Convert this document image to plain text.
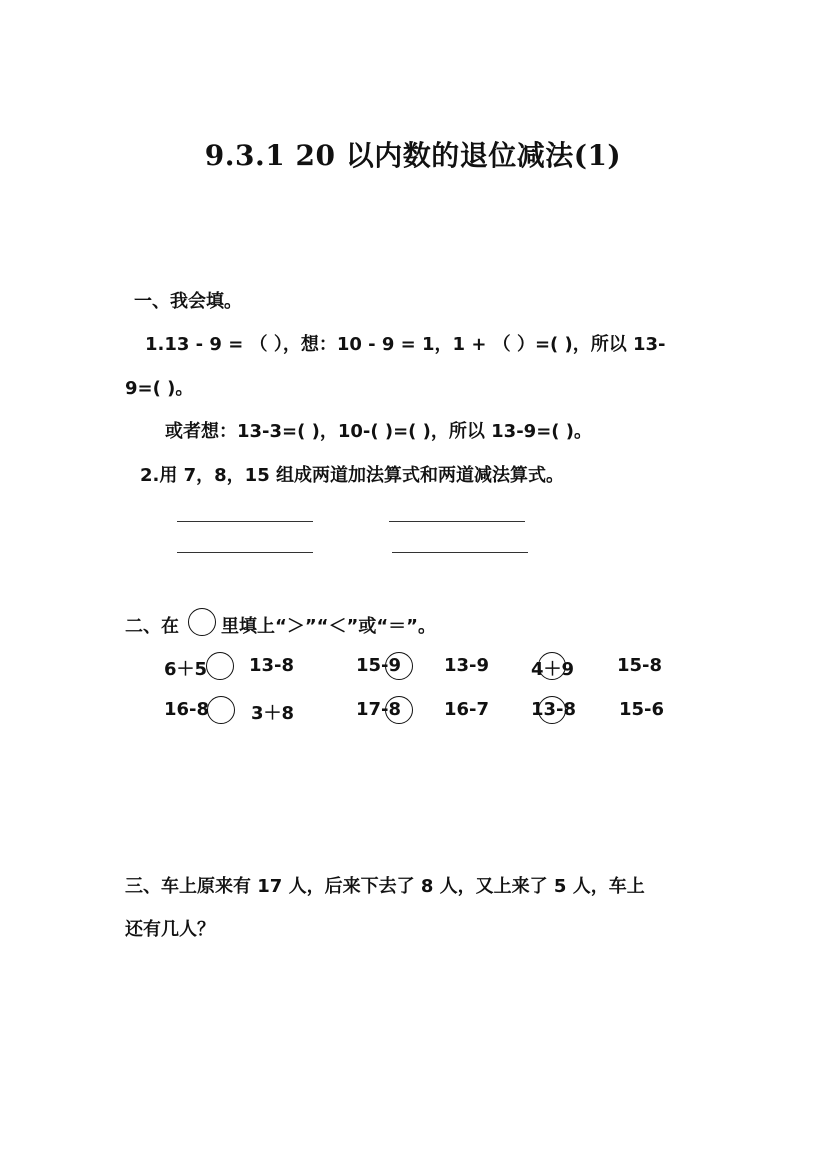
9.3.1 20 以内数的退位减法(1)
一、我会填。
1.13 - 9 = （ ），想：10 - 9 = 1，1 + （ ）=( )，所以 13-
9=( )。
或者想：13-3=( )，10-( )=( )，所以 13-9=( )。
2.用 7，8，15 组成两道加法算式和两道减法算式。
二、在 里填上“＞”“＜”或“＝”。
6＋5 13-8	15-9 13-9 4＋9 15-8
16-8 3＋8	17-8 16-7 13-8 15-6
三、车上原来有 17 人，后来下去了 8 人，又上来了 5 人，车上
还有几人？
